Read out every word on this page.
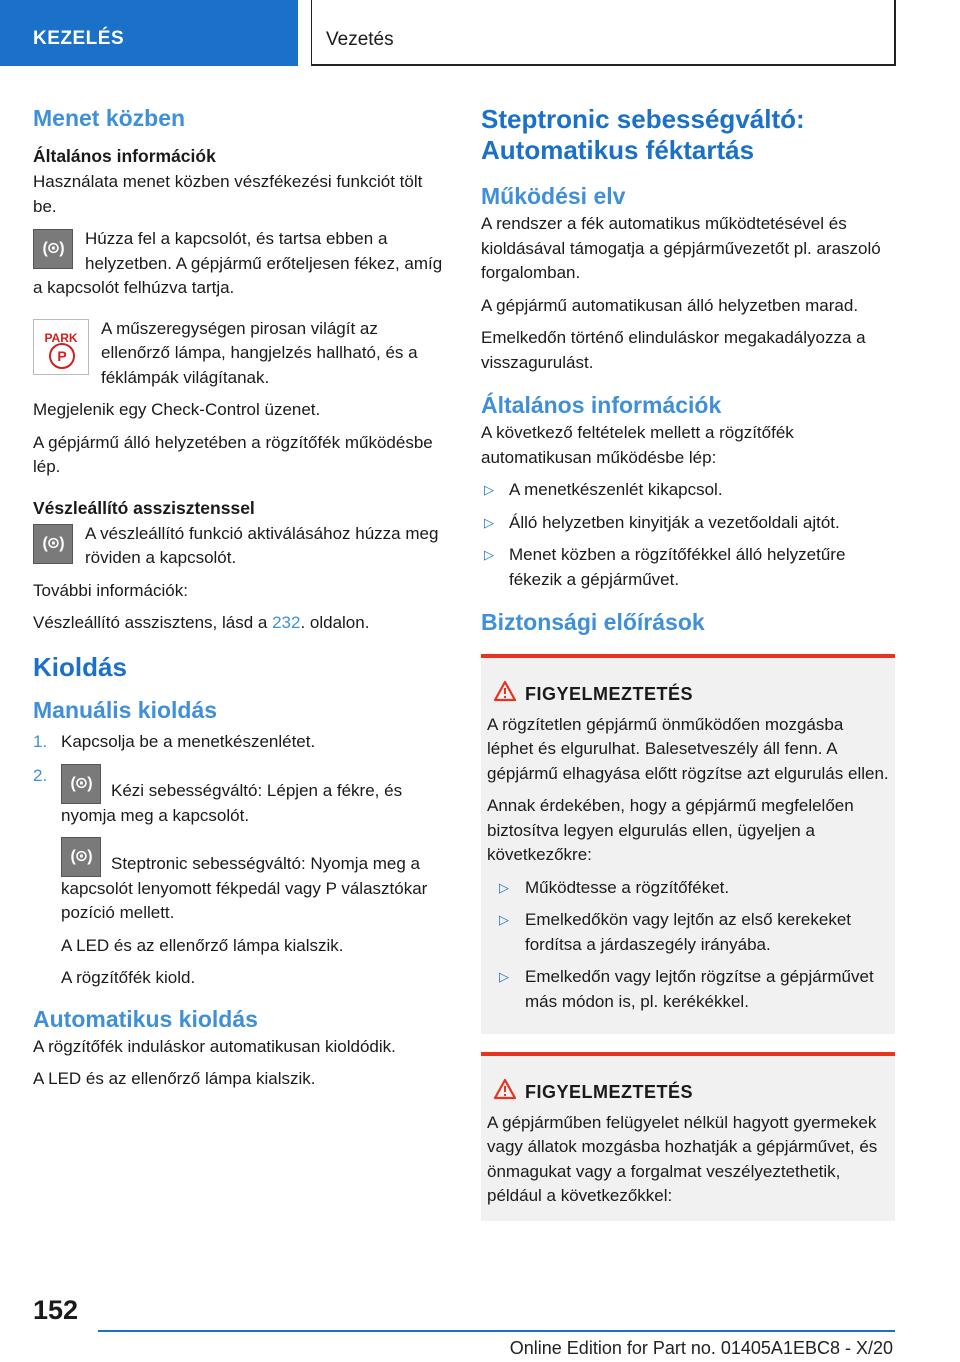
KEZELÉS	Vezetés
Menet közben
Általános információk

Használata menet közben vészfékezési funkciót tölt be.

(⊙)
Húzza fel a kapcsolót, és tartsa ebben a helyzetben. A gépjármű erőteljesen fékez, amíg a kapcsolót felhúzva tartja.
PARK
P
A műszeregységen pirosan világít az ellenőrző lámpa, hangjelzés hallható, és a féklámpák világítanak.

Megjelenik egy Check-Control üzenet.

A gépjármű álló helyzetében a rögzítőfék működésbe lép.

Vészleállító asszisztenssel
(⊙)
A vészleállító funkció aktiválásához húzza meg röviden a kapcsolót.

További információk:

Vészleállító asszisztens, lásd a 232. oldalon.

Kioldás
Manuális kioldás
1. Kapcsolja be a menetkészenlétet.
2.
(⊙)Kézi sebességváltó: Lépjen a fékre, és nyomja meg a kapcsolót.
(⊙)Steptronic sebességváltó: Nyomja meg a kapcsolót lenyomott fékpedál vagy P választókar pozíció mellett.

A LED és az ellenőrző lámpa kialszik.

A rögzítőfék kiold.

Automatikus kioldás

A rögzítőfék induláskor automatikusan kioldódik.

A LED és az ellenőrző lámpa kialszik.

Steptronic sebességváltó: Automatikus féktartás
Működési elv

A rendszer a fék automatikus működtetésével és kioldásával támogatja a gépjárművezetőt pl. araszoló forgalomban.

A gépjármű automatikusan álló helyzetben marad.

Emelkedőn történő elinduláskor megakadályozza a visszagurulást.

Általános információk

A következő feltételek mellett a rögzítőfék automatikusan működésbe lép:

▷ A menetkészenlét kikapcsol.
▷ Álló helyzetben kinyitják a vezetőoldali ajtót.
▷ Menet közben a rögzítőfékkel álló helyzetűre fékezik a gépjárművet.
Biztonsági előírások
FIGYELMEZTETÉS

A rögzítetlen gépjármű önműködően mozgásba léphet és elgurulhat. Balesetveszély áll fenn. A gépjármű elhagyása előtt rögzítse azt elgurulás ellen.

Annak érdekében, hogy a gépjármű megfelelően biztosítva legyen elgurulás ellen, ügyeljen a következőkre:

▷ Működtesse a rögzítőféket.
▷ Emelkedőkön vagy lejtőn az első kerekeket fordítsa a járdaszegély irányába.
▷ Emelkedőn vagy lejtőn rögzítse a gépjárművet más módon is, pl. kerékékkel.
FIGYELMEZTETÉS

A gépjárműben felügyelet nélkül hagyott gyermekek vagy állatok mozgásba hozhatják a gépjárművet, és önmagukat vagy a forgalmat veszélyeztethetik, például a következőkkel:

152
Online Edition for Part no. 01405A1EBC8 - X/20
